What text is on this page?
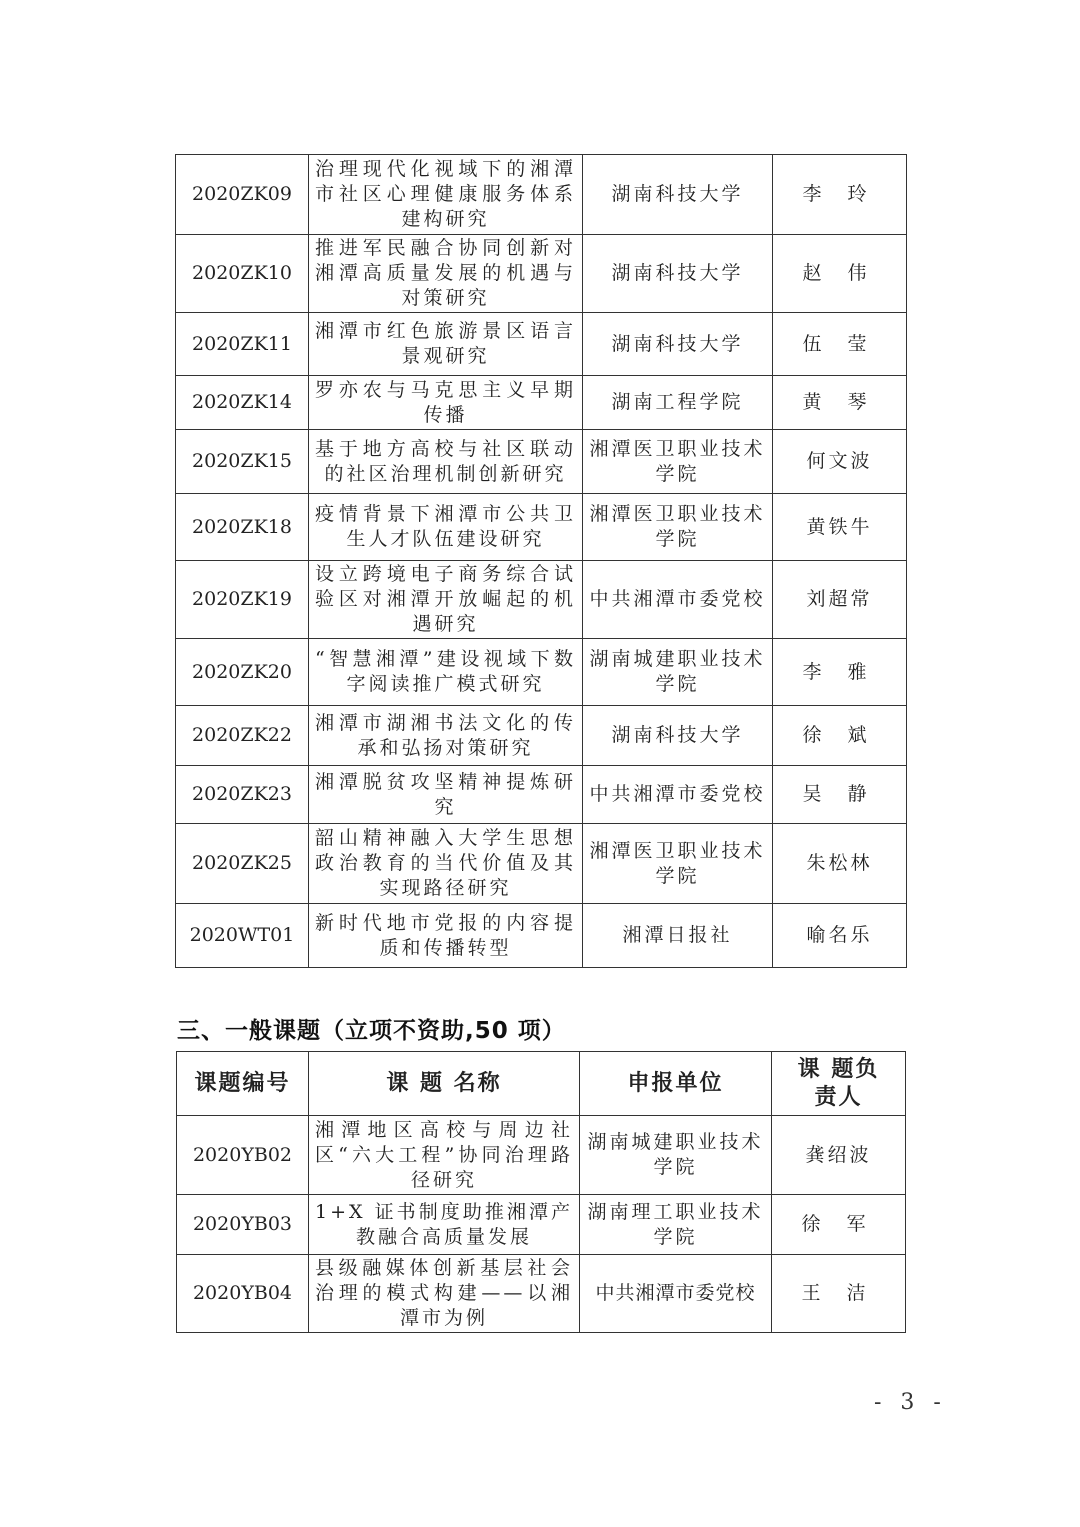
2020ZK09	治理现代化视域下的湘潭市社区心理健康服务体系建构研究	湖南科技大学	李 玲
2020ZK10	推进军民融合协同创新对湘潭高质量发展的机遇与对策研究	湖南科技大学	赵 伟
2020ZK11	湘潭市红色旅游景区语言景观研究	湖南科技大学	伍 莹
2020ZK14	罗亦农与马克思主义早期传播	湖南工程学院	黄 琴
2020ZK15	基于地方高校与社区联动的社区治理机制创新研究	湘潭医卫职业技术学院	何文波
2020ZK18	疫情背景下湘潭市公共卫生人才队伍建设研究	湘潭医卫职业技术学院	黄铁牛
2020ZK19	设立跨境电子商务综合试验区对湘潭开放崛起的机遇研究	中共湘潭市委党校	刘超常
2020ZK20	“智慧湘潭”建设视域下数字阅读推广模式研究	湖南城建职业技术学院	李 雅
2020ZK22	湘潭市湖湘书法文化的传承和弘扬对策研究	湖南科技大学	徐 斌
2020ZK23	湘潭脱贫攻坚精神提炼研究	中共湘潭市委党校	吴 静
2020ZK25	韶山精神融入大学生思想政治教育的当代价值及其实现路径研究	湘潭医卫职业技术学院	朱松林
2020WT01	新时代地市党报的内容提质和传播转型	湘潭日报社	喻名乐
三、一般课题（立项不资助,50 项）
课题编号	课 题 名称	申报单位	课 题负责人
2020YB02	湘潭地区高校与周边社区“六大工程”协同治理路径研究	湖南城建职业技术学院	龚绍波
2020YB03	1+X 证书制度助推湘潭产教融合高质量发展	湖南理工职业技术学院	徐 军
2020YB04	县级融媒体创新基层社会治理的模式构建——以湘潭市为例	中共湘潭市委党校	王 洁
- 3 -
